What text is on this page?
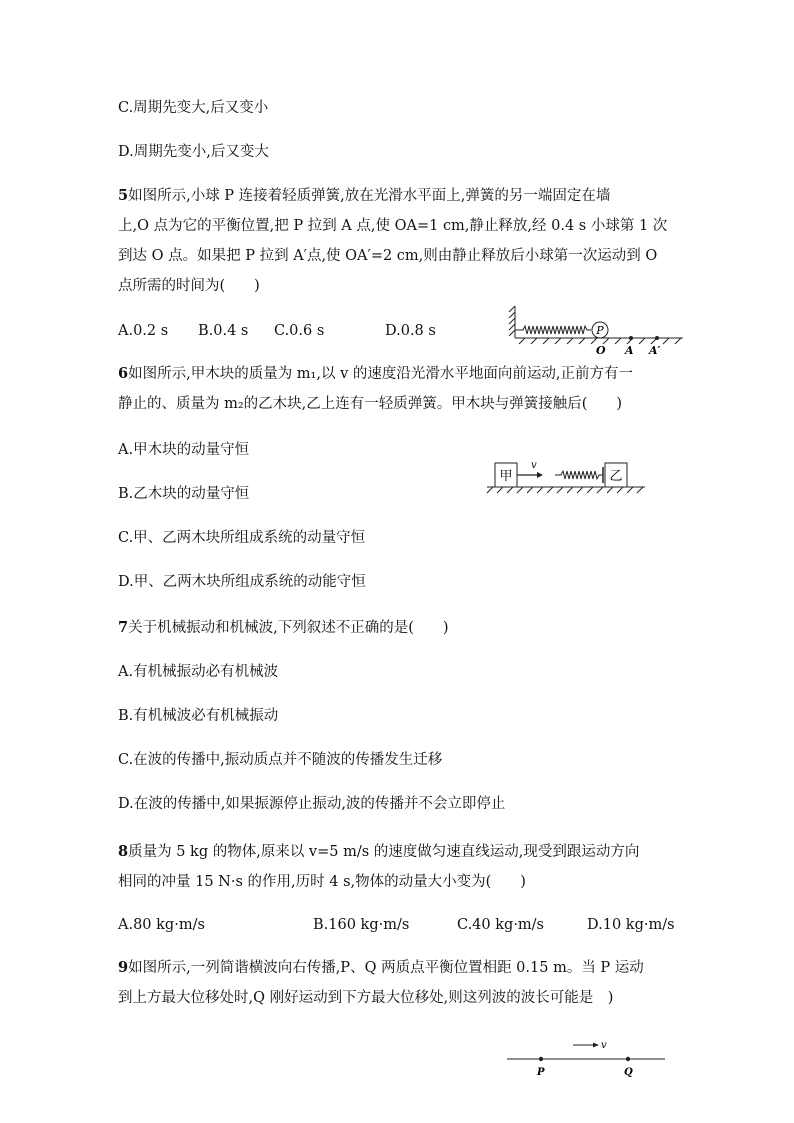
C.周期先变大,后又变小
D.周期先变小,后又变大
5如图所示,小球 P 连接着轻质弹簧,放在光滑水平面上,弹簧的另一端固定在墙
上,O 点为它的平衡位置,把 P 拉到 A 点,使 OA=1 cm,静止释放,经 0.4 s 小球第 1 次
到达 O 点。如果把 P 拉到 A′点,使 OA′=2 cm,则由静止释放后小球第一次运动到 O
点所需的时间为(　　)
A.0.2 s B.0.4 s C.0.6 s	D.0.8 s	P
O A A′
6如图所示,甲木块的质量为 m₁,以 v 的速度沿光滑水平地面向前运动,正前方有一
静止的、质量为 m₂的乙木块,乙上连有一轻质弹簧。甲木块与弹簧接触后(　　)
A.甲木块的动量守恒
B.乙木块的动量守恒
C.甲、乙两木块所组成系统的动量守恒
D.甲、乙两木块所组成系统的动能守恒
甲
v
乙
7关于机械振动和机械波,下列叙述不正确的是(　　)
A.有机械振动必有机械波
B.有机械波必有机械振动
C.在波的传播中,振动质点并不随波的传播发生迁移
D.在波的传播中,如果振源停止振动,波的传播并不会立即停止
8质量为 5 kg 的物体,原来以 v=5 m/s 的速度做匀速直线运动,现受到跟运动方向
相同的冲量 15 N·s 的作用,历时 4 s,物体的动量大小变为(　　)
A.80 kg·m/s	B.160 kg·m/s	C.40 kg·m/s	D.10 kg·m/s
9如图所示,一列简谐横波向右传播,P、Q 两质点平衡位置相距 0.15 m。当 P 运动
到上方最大位移处时,Q 刚好运动到下方最大位移处,则这列波的波长可能是　)
v
P	Q
